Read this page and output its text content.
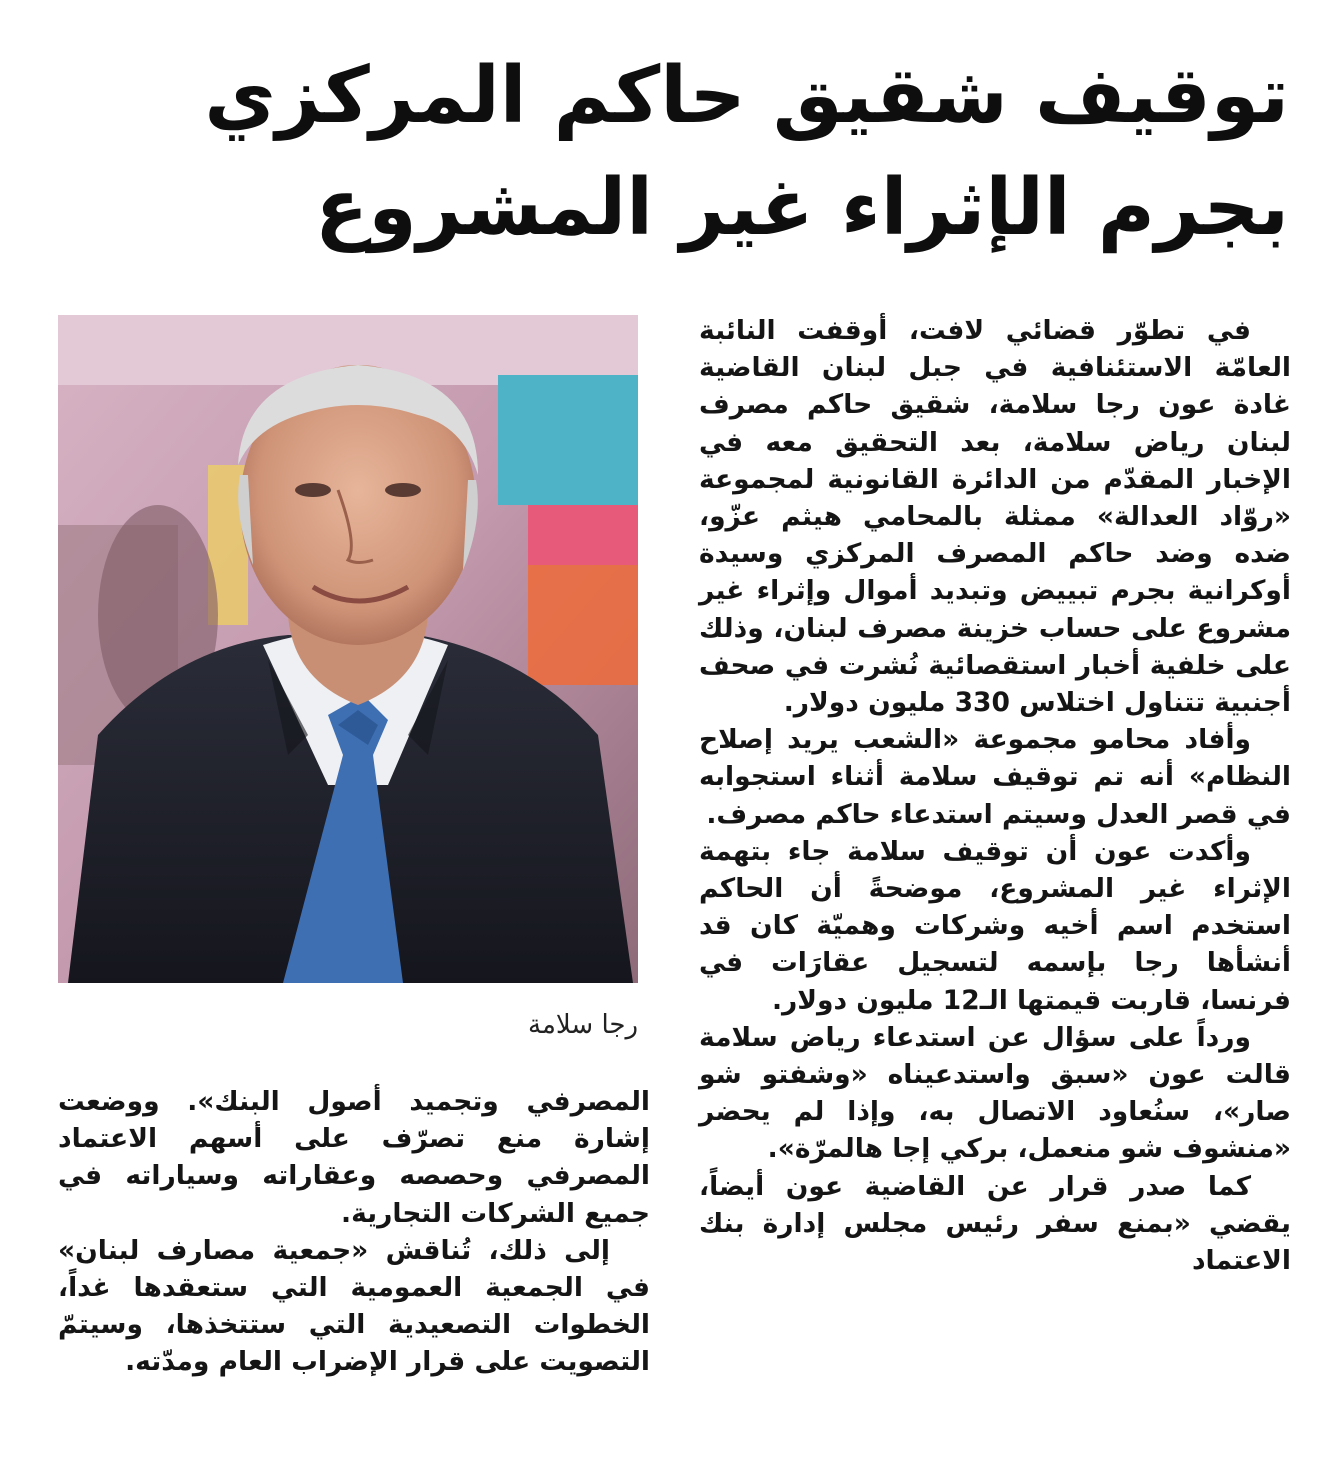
توقيف شقيق حاكم المركزي
بجرم الإثراء غير المشروع

في تطوّر قضائي لافت، أوقفت النائبة العامّة الاستئنافية في جبل لبنان القاضية غادة عون رجا سلامة، شقيق حاكم مصرف لبنان رياض سلامة، بعد التحقيق معه في الإخبار المقدّم من الدائرة القانونية لمجموعة «روّاد العدالة» ممثلة بالمحامي هيثم عزّو، ضده وضد حاكم المصرف المركزي وسيدة أوكرانية بجرم تبييض وتبديد أموال وإثراء غير مشروع على حساب خزينة مصرف لبنان، وذلك على خلفية أخبار استقصائية نُشرت في صحف أجنبية تتناول اختلاس 330 مليون دولار.

وأفاد محامو مجموعة «الشعب يريد إصلاح النظام» أنه تم توقيف سلامة أثناء استجوابه في قصر العدل وسيتم استدعاء حاكم مصرف.

وأكدت عون أن توقيف سلامة جاء بتهمة الإثراء غير المشروع، موضحةً أن الحاكم استخدم اسم أخيه وشركات وهميّة كان قد أنشأها رجا بإسمه لتسجيل عقارَات في فرنسا، قاربت قيمتها الـ12 مليون دولار.

ورداً على سؤال عن استدعاء رياض سلامة قالت عون «سبق واستدعيناه «وشفتو شو صار»، سنُعاود الاتصال به، وإذا لم يحضر «منشوف شو منعمل، بركي إجا هالمرّة».

كما صدر قرار عن القاضية عون أيضاً، يقضي «بمنع سفر رئيس مجلس إدارة بنك الاعتماد

رجا سلامة

المصرفي وتجميد أصول البنك». ووضعت إشارة منع تصرّف على أسهم الاعتماد المصرفي وحصصه وعقاراته وسياراته في جميع الشركات التجارية.

إلى ذلك، تُناقش «جمعية مصارف لبنان» في الجمعية العمومية التي ستعقدها غداً، الخطوات التصعيدية التي ستتخذها، وسيتمّ التصويت على قرار الإضراب العام ومدّته.
